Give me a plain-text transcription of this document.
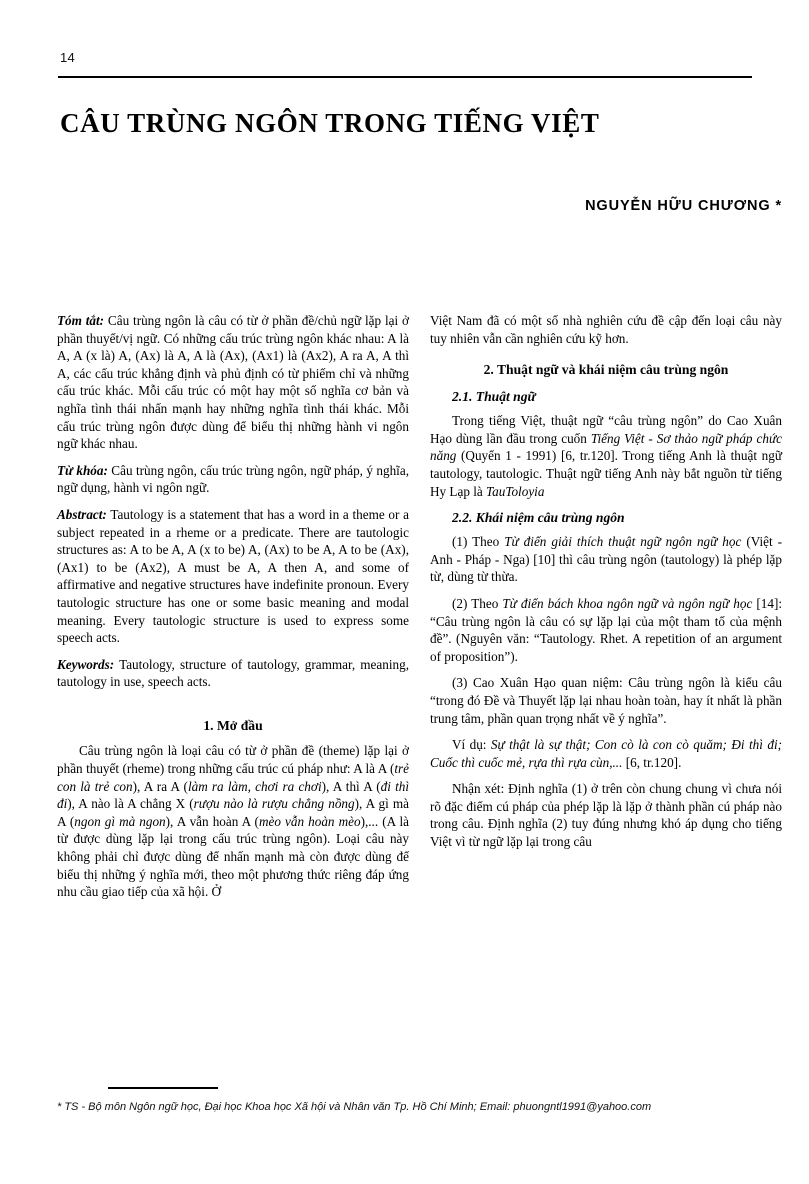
14
CÂU TRÙNG NGÔN TRONG TIẾNG VIỆT
NGUYỄN HỮU CHƯƠNG *

Tóm tắt: Câu trùng ngôn là câu có từ ở phần đề/chủ ngữ lặp lại ở phần thuyết/vị ngữ. Có những cấu trúc trùng ngôn khác nhau: A là A, A (x là) A, (Ax) là A, A là (Ax), (Ax1) là (Ax2), A ra A, A thì A, các cấu trúc khẳng định và phủ định có từ phiếm chỉ và những cấu trúc khác. Mỗi cấu trúc có một hay một số nghĩa cơ bản và nghĩa tình thái nhấn mạnh hay những nghĩa tình thái khác. Mỗi cấu trúc trùng ngôn được dùng để biểu thị những hành vi ngôn ngữ khác nhau.

Từ khóa: Câu trùng ngôn, cấu trúc trùng ngôn, ngữ pháp, ý nghĩa, ngữ dụng, hành vi ngôn ngữ.

Abstract: Tautology is a statement that has a word in a theme or a subject repeated in a rheme or a predicate. There are tautologic structures as: A to be A, A (x to be) A, (Ax) to be A, A to be (Ax), (Ax1) to be (Ax2), A must be A, A then A, and some of affirmative and negative structures have indefinite pronoun. Every tautologic structure has one or some basic meaning and modal meaning. Every tautologic structure is used to express some speech acts.

Keywords: Tautology, structure of tautology, grammar, meaning, tautology in use, speech acts.

1. Mở đầu

Câu trùng ngôn là loại câu có từ ở phần đề (theme) lặp lại ở phần thuyết (rheme) trong những cấu trúc cú pháp như: A là A (trẻ con là trẻ con), A ra A (làm ra làm, chơi ra chơi), A thì A (đi thì đi), A nào là A chẳng X (rượu nào là rượu chẳng nồng), A gì mà A (ngon gì mà ngon), A vẫn hoàn A (mèo vẫn hoàn mèo),... (A là từ được dùng lặp lại trong cấu trúc trùng ngôn). Loại câu này không phải chỉ được dùng để nhấn mạnh mà còn được dùng để biểu thị những ý nghĩa mới, theo một phương thức riêng đáp ứng nhu cầu giao tiếp của xã hội. Ở

Việt Nam đã có một số nhà nghiên cứu đề cập đến loại câu này tuy nhiên vẫn cần nghiên cứu kỹ hơn.

2. Thuật ngữ và khái niệm câu trùng ngôn
2.1. Thuật ngữ

Trong tiếng Việt, thuật ngữ “câu trùng ngôn” do Cao Xuân Hạo dùng lần đầu trong cuốn Tiếng Việt - Sơ thảo ngữ pháp chức năng (Quyển 1 - 1991) [6, tr.120]. Trong tiếng Anh là thuật ngữ tautology, tautologic. Thuật ngữ tiếng Anh này bắt nguồn từ tiếng Hy Lạp là TauToloyia

2.2. Khái niệm câu trùng ngôn

(1) Theo Từ điển giải thích thuật ngữ ngôn ngữ học (Việt - Anh - Pháp - Nga) [10] thì câu trùng ngôn (tautology) là phép lặp từ, dùng từ thừa.

(2) Theo Từ điển bách khoa ngôn ngữ và ngôn ngữ học [14]: “Câu trùng ngôn là câu có sự lặp lại của một tham tố của mệnh đề”. (Nguyên văn: “Tautology. Rhet. A repetition of an argument of proposition”).

(3) Cao Xuân Hạo quan niệm: Câu trùng ngôn là kiểu câu “trong đó Đề và Thuyết lặp lại nhau hoàn toàn, hay ít nhất là phần trung tâm, phần quan trọng nhất về ý nghĩa”.

Ví dụ: Sự thật là sự thật; Con cò là con cò quăm; Đi thì đi; Cuốc thì cuốc mẻ, rựa thì rựa cùn,... [6, tr.120].

Nhận xét: Định nghĩa (1) ở trên còn chung chung vì chưa nói rõ đặc điểm cú pháp của phép lặp là lặp ở thành phần cú pháp nào trong câu. Định nghĩa (2) tuy đúng nhưng khó áp dụng cho tiếng Việt vì từ ngữ lặp lại trong câu

* TS - Bộ môn Ngôn ngữ học, Đại học Khoa học Xã hội và Nhân văn Tp. Hồ Chí Minh; Email: phuongntl1991@yahoo.com
